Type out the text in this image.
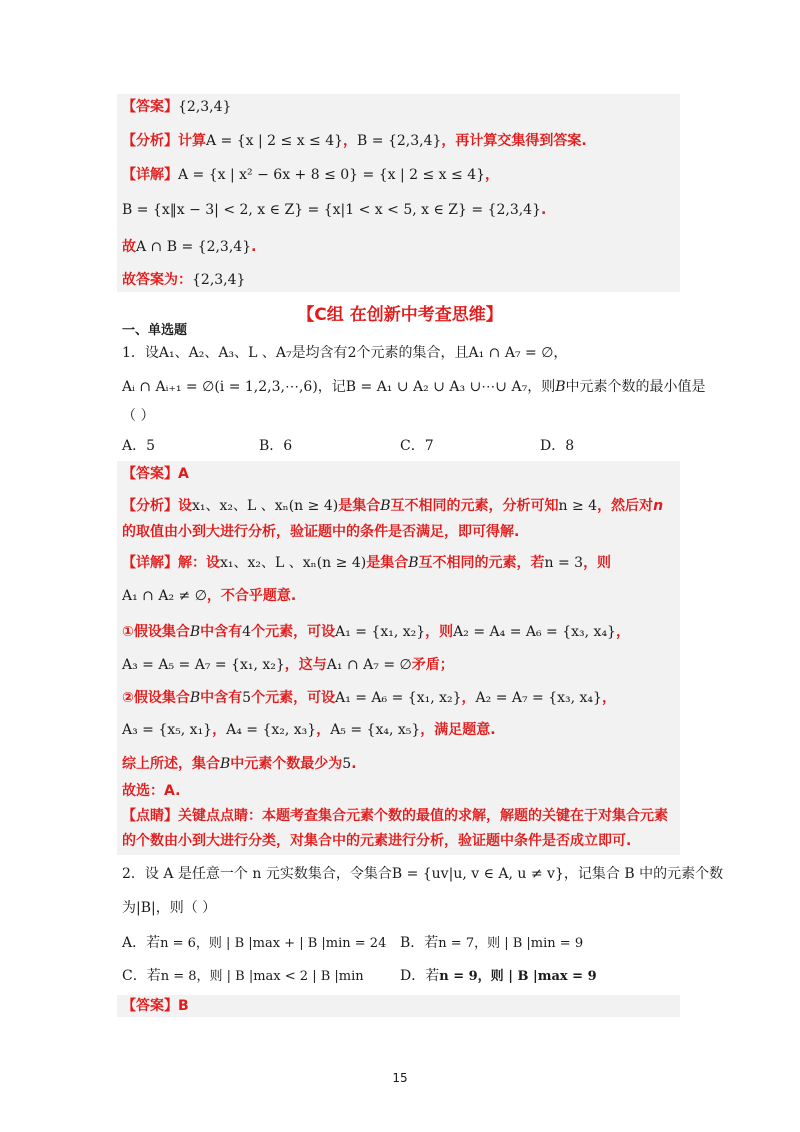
【答案】{2,3,4}
【分析】计算A = {x | 2 ≤ x ≤ 4}，B = {2,3,4}，再计算交集得到答案.
【详解】A = {x | x² − 6x + 8 ≤ 0} = {x | 2 ≤ x ≤ 4}，
B = {x‖x − 3| < 2, x ∈ Z} = {x|1 < x < 5, x ∈ Z} = {2,3,4}.
故A ∩ B = {2,3,4}.
故答案为：{2,3,4}
【C组 在创新中考查思维】
一、单选题
1．设A₁、A₂、A₃、L 、A₇是均含有2个元素的集合，且A₁ ∩ A₇ = ∅，
Aᵢ ∩ Aᵢ₊₁ = ∅(i = 1,2,3,⋯,6)，记B = A₁ ∪ A₂ ∪ A₃ ∪⋯∪ A₇，则B中元素个数的最小值是
（ ）
A．5	B．6	C．7	D．8
【答案】A
【分析】设x₁、x₂、L 、xₙ(n ≥ 4)是集合B互不相同的元素，分析可知n ≥ 4，然后对n
的取值由小到大进行分析，验证题中的条件是否满足，即可得解.
【详解】解：设x₁、x₂、L 、xₙ(n ≥ 4)是集合B互不相同的元素，若n = 3，则
A₁ ∩ A₂ ≠ ∅，不合乎题意.
①假设集合B中含有4个元素，可设A₁ = {x₁, x₂}，则A₂ = A₄ = A₆ = {x₃, x₄}，
A₃ = A₅ = A₇ = {x₁, x₂}，这与A₁ ∩ A₇ = ∅矛盾；
②假设集合B中含有5个元素，可设A₁ = A₆ = {x₁, x₂}，A₂ = A₇ = {x₃, x₄}，
A₃ = {x₅, x₁}，A₄ = {x₂, x₃}，A₅ = {x₄, x₅}，满足题意.
综上所述，集合B中元素个数最少为5.
故选：A.
【点睛】关键点点睛：本题考查集合元素个数的最值的求解，解题的关键在于对集合元素
的个数由小到大进行分类，对集合中的元素进行分析，验证题中条件是否成立即可.
2．设 A 是任意一个 n 元实数集合，令集合B = {uv|u, v ∈ A, u ≠ v}，记集合 B 中的元素个数
为|B|，则（ ）
A．若n = 6，则 | B |max + | B |min = 24 B．若n = 7，则 | B |min = 9
C．若n = 8，则 | B |max < 2 | B |min	D．若n = 9，则 | B |max = 9
【答案】B
15
